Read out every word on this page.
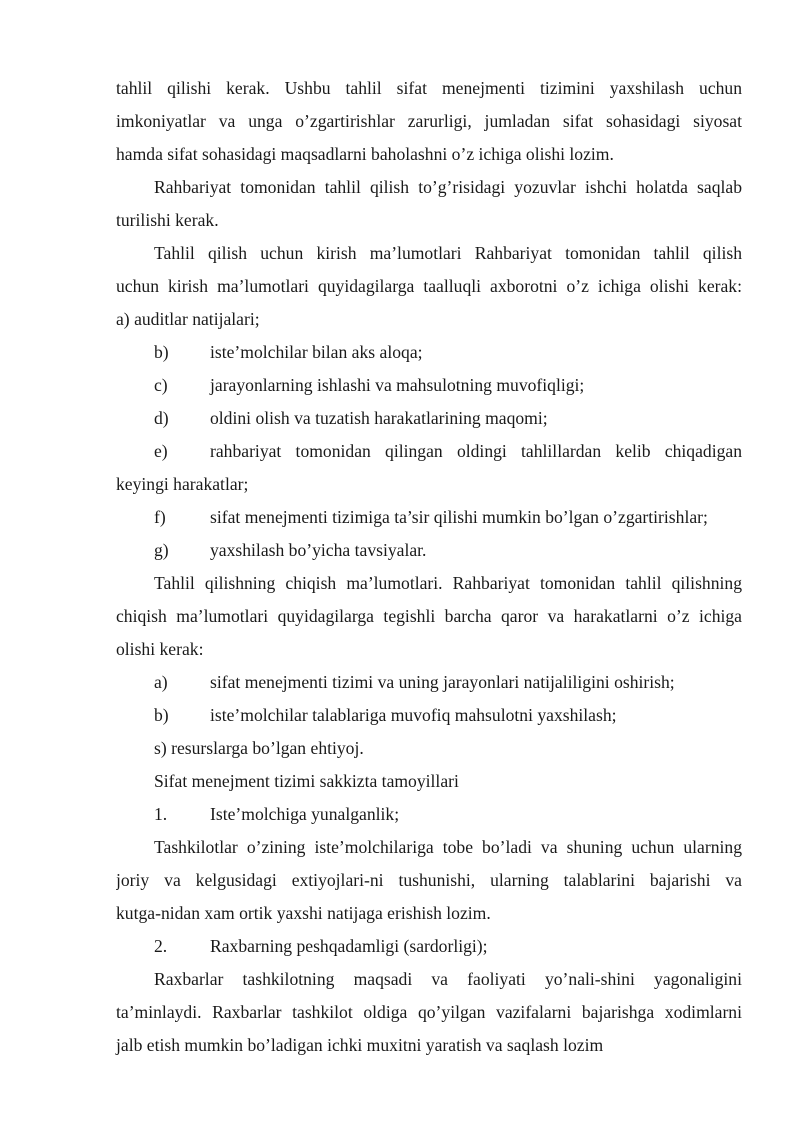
tahlil qilishi kerak. Ushbu tahlil sifat menejmenti tizimini yaxshilash uchun
imkoniyatlar va unga o’zgartirishlar zarurligi, jumladan sifat sohasidagi siyosat
hamda sifat sohasidagi maqsadlarni baholashni o’z ichiga olishi lozim.
Rahbariyat tomonidan tahlil qilish to’g’risidagi yozuvlar ishchi holatda saqlab
turilishi kerak.
Tahlil qilish uchun kirish ma’lumotlari Rahbariyat tomonidan tahlil qilish
uchun kirish ma’lumotlari quyidagilarga taalluqli axborotni o’z ichiga olishi kerak:
a) auditlar natijalari;
b) iste’molchilar bilan aks aloqa;
c) jarayonlarning ishlashi va mahsulotning muvofiqligi;
d) oldini olish va tuzatish harakatlarining maqomi;
e) rahbariyat tomonidan qilingan oldingi tahlillardan kelib chiqadigan
keyingi harakatlar;
f)	sifat menejmenti tizimiga ta’sir qilishi mumkin bo’lgan o’zgartirishlar;
g) yaxshilash bo’yicha tavsiyalar.
Tahlil qilishning chiqish ma’lumotlari. Rahbariyat tomonidan tahlil qilishning
chiqish ma’lumotlari quyidagilarga tegishli barcha qaror va harakatlarni o’z ichiga
olishi kerak:
a) sifat menejmenti tizimi va uning jarayonlari natijaliligini oshirish;
b) iste’molchilar talablariga muvofiq mahsulotni yaxshilash;
s) resurslarga bo’lgan ehtiyoj.
Sifat menejment tizimi sakkizta tamoyillari
1. Iste’molchiga yunalganlik;
Tashkilotlar o’zining iste’molchilariga tobe bo’ladi va shuning uchun ularning
joriy va kelgusidagi extiyojlari-ni tushunishi, ularning talablarini bajarishi va
kutga-nidan xam ortik yaxshi natijaga erishish lozim.
2. Raxbarning peshqadamligi (sardorligi);
Raxbarlar tashkilotning maqsadi va faoliyati yo’nali-shini yagonaligini
ta’minlaydi. Raxbarlar tashkilot oldiga qo’yilgan vazifalarni bajarishga xodimlarni
jalb etish mumkin bo’ladigan ichki muxitni yaratish va saqlash lozim
